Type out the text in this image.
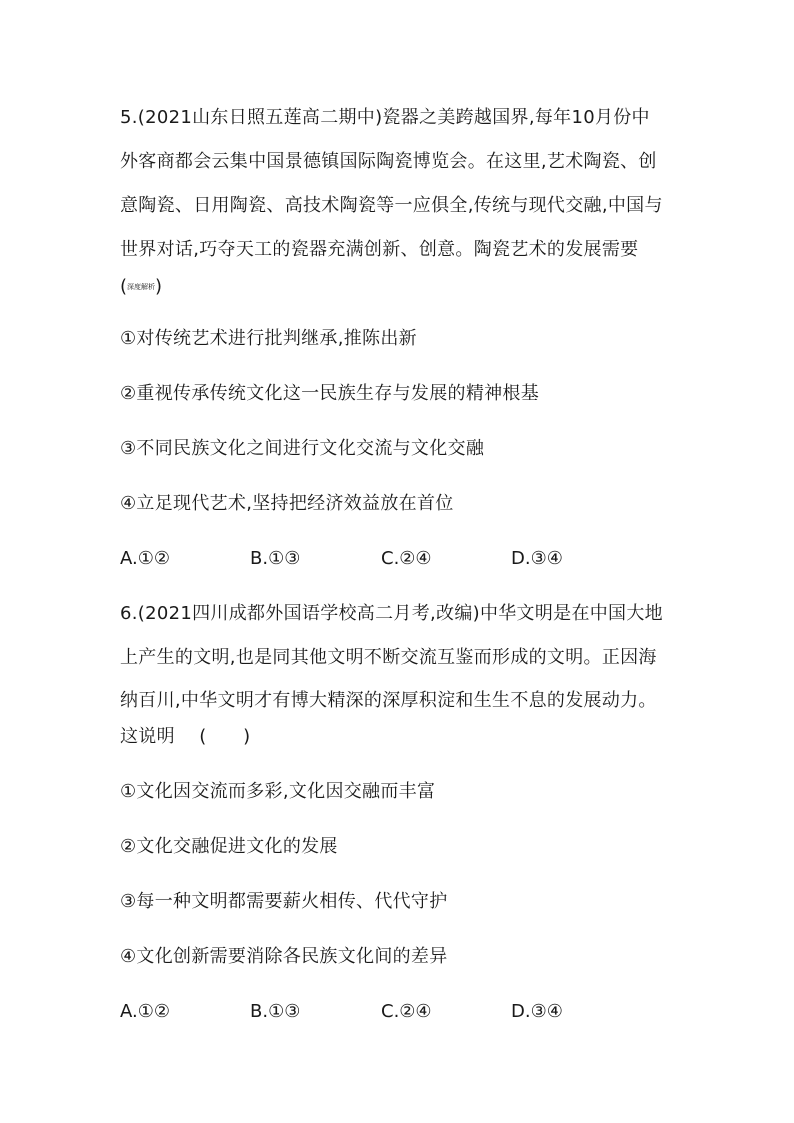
5.(2021山东日照五莲高二期中)瓷器之美跨越国界,每年10月份中
外客商都会云集中国景德镇国际陶瓷博览会。在这里,艺术陶瓷、创
意陶瓷、日用陶瓷、高技术陶瓷等一应俱全,传统与现代交融,中国与
世界对话,巧夺天工的瓷器充满创新、创意。陶瓷艺术的发展需要
(深度解析)
①对传统艺术进行批判继承,推陈出新
②重视传承传统文化这一民族生存与发展的精神根基
③不同民族文化之间进行文化交流与文化交融
④立足现代艺术,坚持把经济效益放在首位
A.①②	B.①③	C.②④	D.③④
6.(2021四川成都外国语学校高二月考,改编)中华文明是在中国大地
上产生的文明,也是同其他文明不断交流互鉴而形成的文明。正因海
纳百川,中华文明才有博大精深的深厚积淀和生生不息的发展动力。
这说明　 (　　)
①文化因交流而多彩,文化因交融而丰富
②文化交融促进文化的发展
③每一种文明都需要薪火相传、代代守护
④文化创新需要消除各民族文化间的差异
A.①②	B.①③	C.②④	D.③④
